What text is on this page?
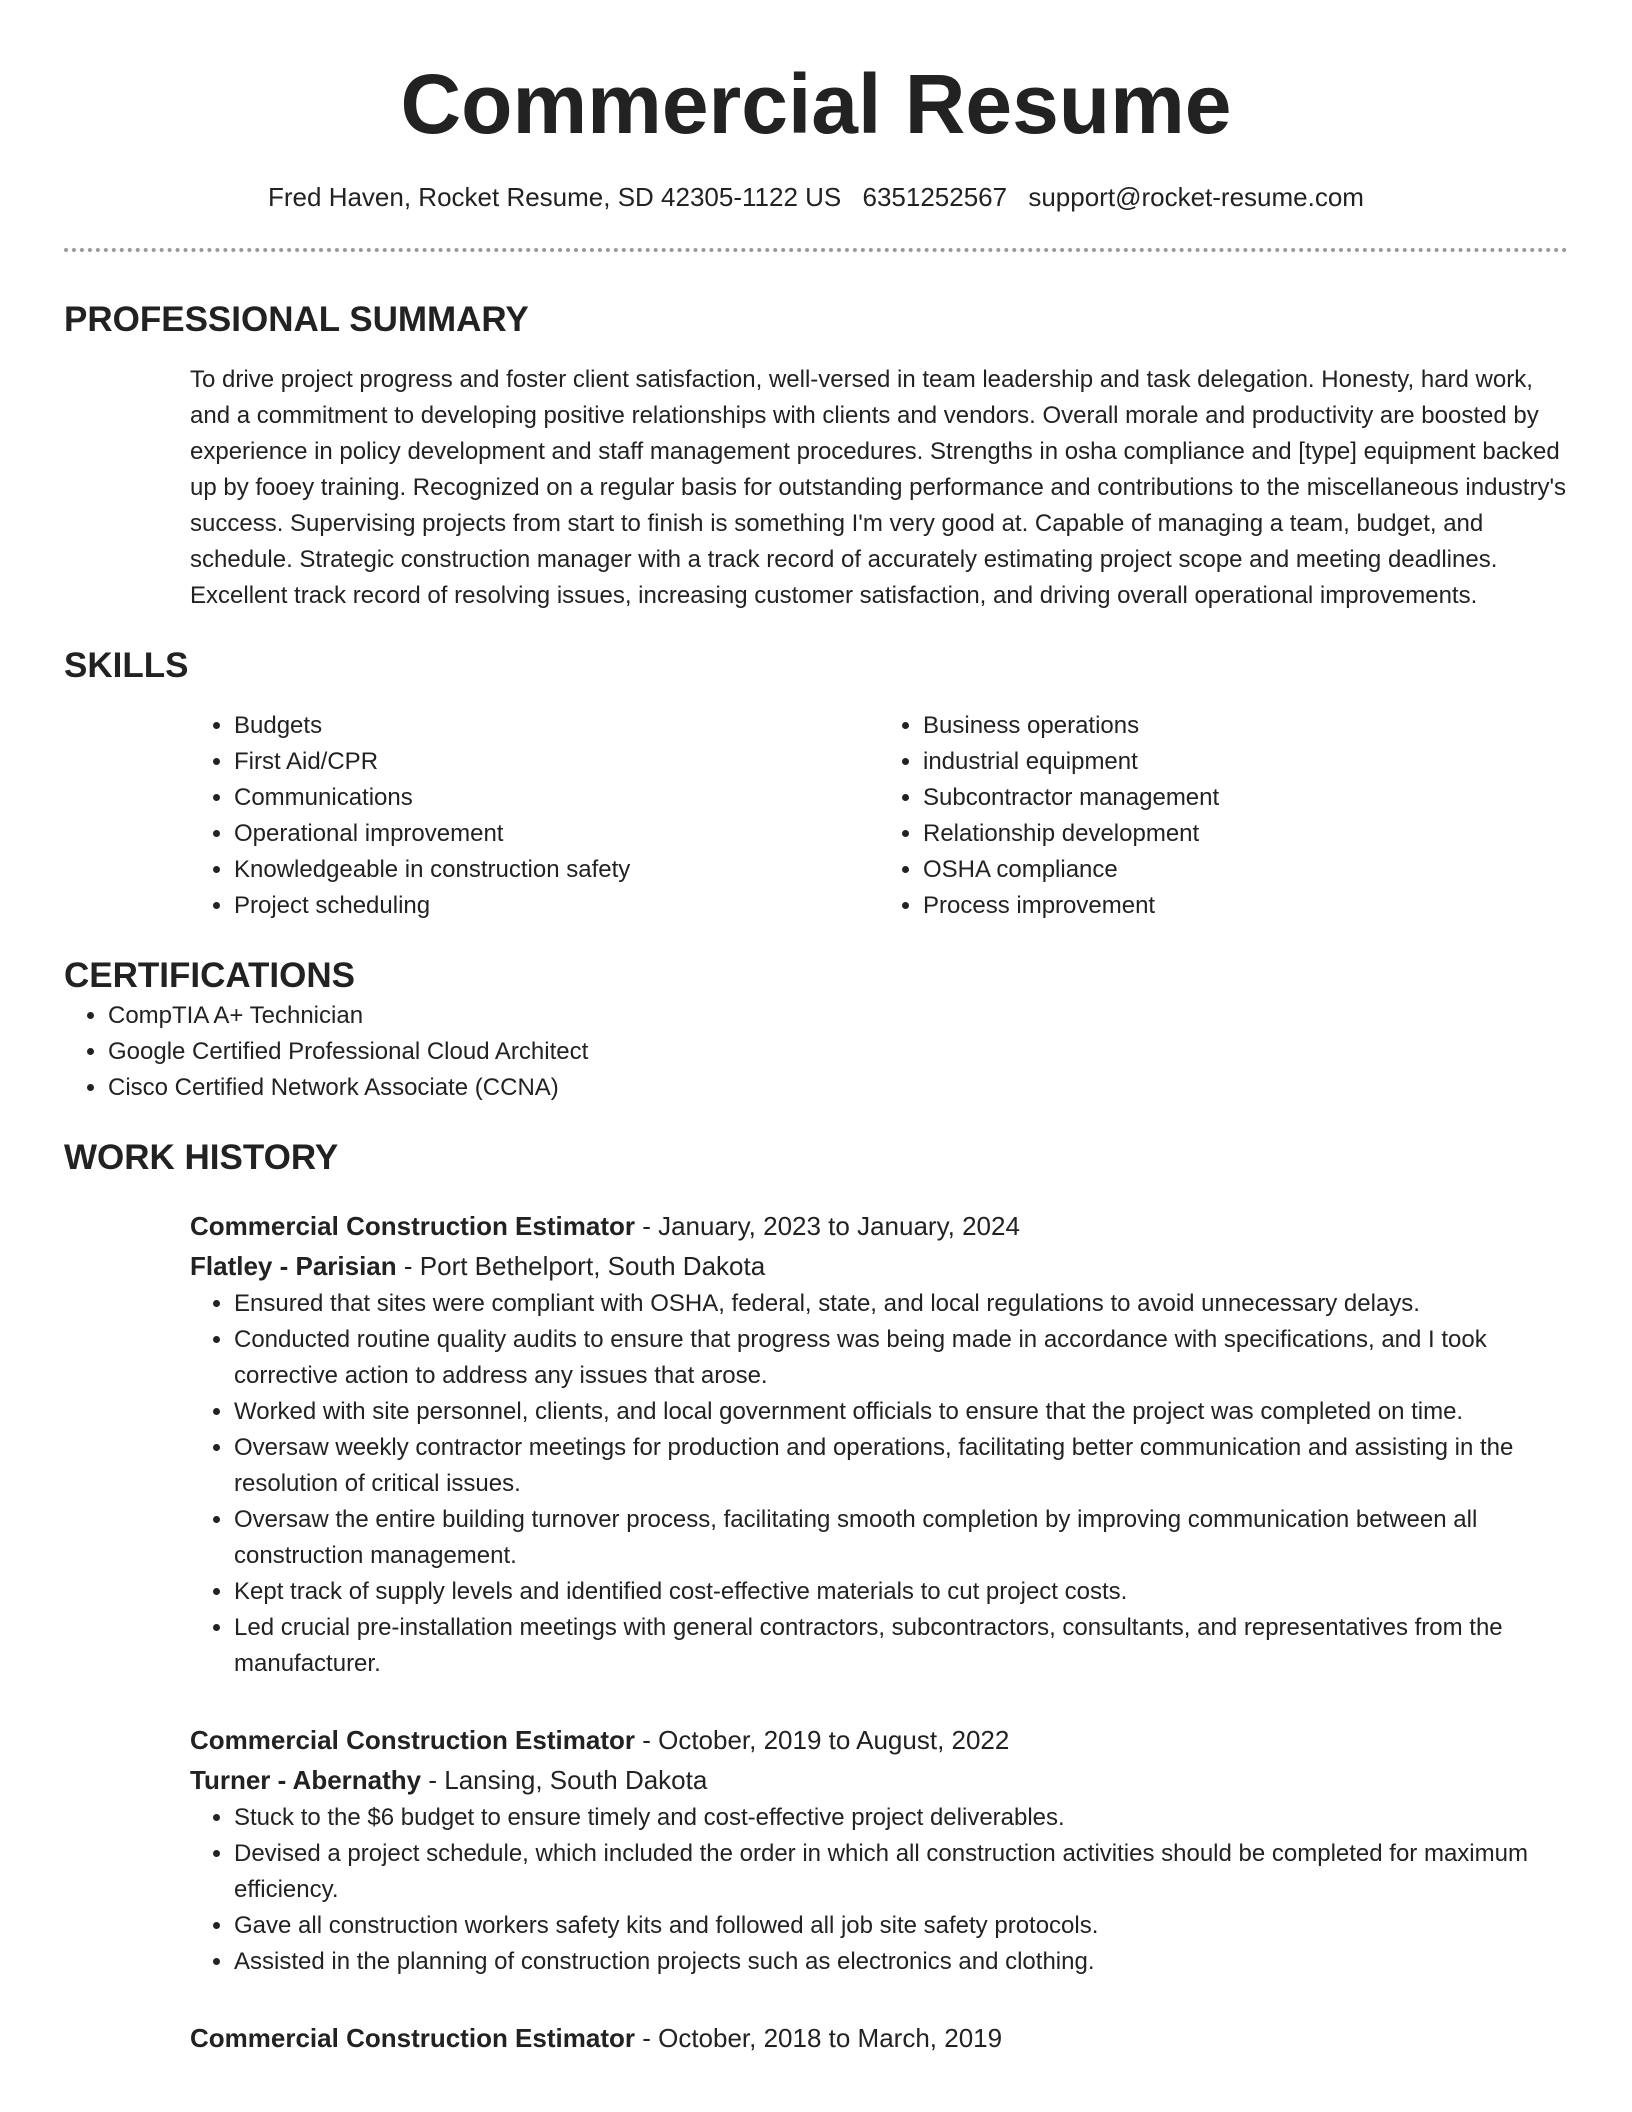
Commercial Resume
Fred Haven, Rocket Resume, SD 42305-1122 US 6351252567 support@rocket-resume.com
PROFESSIONAL SUMMARY

To drive project progress and foster client satisfaction, well-versed in team leadership and task delegation. Honesty, hard work, and a commitment to developing positive relationships with clients and vendors. Overall morale and productivity are boosted by experience in policy development and staff management procedures. Strengths in osha compliance and [type] equipment backed up by fooey training. Recognized on a regular basis for outstanding performance and contributions to the miscellaneous industry's success. Supervising projects from start to finish is something I'm very good at. Capable of managing a team, budget, and schedule. Strategic construction manager with a track record of accurately estimating project scope and meeting deadlines. Excellent track record of resolving issues, increasing customer satisfaction, and driving overall operational improvements.

SKILLS
• Budgets
• First Aid/CPR
• Communications
• Operational improvement
• Knowledgeable in construction safety
• Project scheduling
• Business operations
• industrial equipment
• Subcontractor management
• Relationship development
• OSHA compliance
• Process improvement
CERTIFICATIONS
• CompTIA A+ Technician
• Google Certified Professional Cloud Architect
• Cisco Certified Network Associate (CCNA)
WORK HISTORY
Commercial Construction Estimator - January, 2023 to January, 2024
Flatley - Parisian - Port Bethelport, South Dakota
• Ensured that sites were compliant with OSHA, federal, state, and local regulations to avoid unnecessary delays.
• Conducted routine quality audits to ensure that progress was being made in accordance with specifications, and I took corrective action to address any issues that arose.
• Worked with site personnel, clients, and local government officials to ensure that the project was completed on time.
• Oversaw weekly contractor meetings for production and operations, facilitating better communication and assisting in the resolution of critical issues.
• Oversaw the entire building turnover process, facilitating smooth completion by improving communication between all construction management.
• Kept track of supply levels and identified cost-effective materials to cut project costs.
• Led crucial pre-installation meetings with general contractors, subcontractors, consultants, and representatives from the manufacturer.
Commercial Construction Estimator - October, 2019 to August, 2022
Turner - Abernathy - Lansing, South Dakota
• Stuck to the $6 budget to ensure timely and cost-effective project deliverables.
• Devised a project schedule, which included the order in which all construction activities should be completed for maximum efficiency.
• Gave all construction workers safety kits and followed all job site safety protocols.
• Assisted in the planning of construction projects such as electronics and clothing.
Commercial Construction Estimator - October, 2018 to March, 2019
